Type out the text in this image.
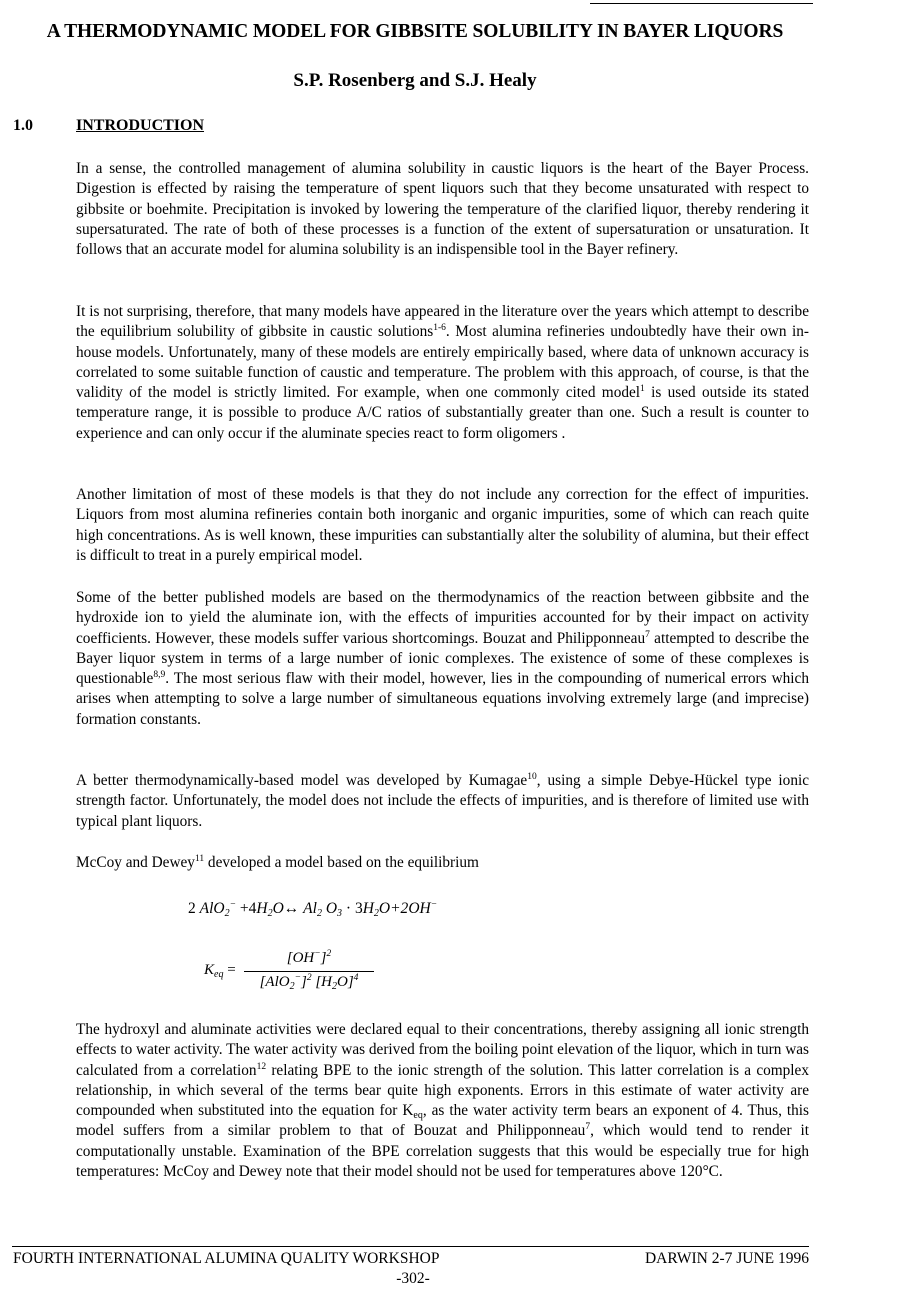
A THERMODYNAMIC MODEL FOR GIBBSITE SOLUBILITY IN BAYER LIQUORS
S.P. Rosenberg and S.J. Healy
1.0	INTRODUCTION

In a sense, the controlled management of alumina solubility in caustic liquors is the heart of the Bayer Process. Digestion is effected by raising the temperature of spent liquors such that they become unsaturated with respect to gibbsite or boehmite. Precipitation is invoked by lowering the temperature of the clarified liquor, thereby rendering it supersaturated. The rate of both of these processes is a function of the extent of supersaturation or unsaturation. It follows that an accurate model for alumina solubility is an indispensible tool in the Bayer refinery.

It is not surprising, therefore, that many models have appeared in the literature over the years which attempt to describe the equilibrium solubility of gibbsite in caustic solutions$^{1-6}$. Most alumina refineries undoubtedly have their own in-house models. Unfortunately, many of these models are entirely empirically based, where data of unknown accuracy is correlated to some suitable function of caustic and temperature. The problem with this approach, of course, is that the validity of the model is strictly limited. For example, when one commonly cited model$^1$ is used outside its stated temperature range, it is possible to produce A/C ratios of substantially greater than one. Such a result is counter to experience and can only occur if the aluminate species react to form oligomers .

Another limitation of most of these models is that they do not include any correction for the effect of impurities. Liquors from most alumina refineries contain both inorganic and organic impurities, some of which can reach quite high concentrations. As is well known, these impurities can substantially alter the solubility of alumina, but their effect is difficult to treat in a purely empirical model.

Some of the better published models are based on the thermodynamics of the reaction between gibbsite and the hydroxide ion to yield the aluminate ion, with the effects of impurities accounted for by their impact on activity coefficients. However, these models suffer various shortcomings. Bouzat and Philipponneau$^7$ attempted to describe the Bayer liquor system in terms of a large number of ionic complexes. The existence of some of these complexes is questionable$^{8,9}$. The most serious flaw with their model, however, lies in the compounding of numerical errors which arises when attempting to solve a large number of simultaneous equations involving extremely large (and imprecise) formation constants.

A better thermodynamically-based model was developed by Kumagae$^{10}$, using a simple Debye-Hückel type ionic strength factor. Unfortunately, the model does not include the effects of impurities, and is therefore of limited use with typical plant liquors.

McCoy and Dewey$^{11}$ developed a model based on the equilibrium

2 $AlO_2^- +4H_2O\leftrightarrow$ $Al_2$ $O_3 \cdot 3H_2O+2OH^-$
$K_{eq}$ =
$[OH^-]^2$
$[AlO_2^-]^2$ $[H_2O]^4$

The hydroxyl and aluminate activities were declared equal to their concentrations, thereby assigning all ionic strength effects to water activity. The water activity was derived from the boiling point elevation of the liquor, which in turn was calculated from a correlation$^{12}$ relating BPE to the ionic strength of the solution. This latter correlation is a complex relationship, in which several of the terms bear quite high exponents. Errors in this estimate of water activity are compounded when substituted into the equation for $K_{eq}$, as the water activity term bears an exponent of 4. Thus, this model suffers from a similar problem to that of Bouzat and Philipponneau$^7$, which would tend to render it computationally unstable. Examination of the BPE correlation suggests that this would be especially true for high temperatures: McCoy and Dewey note that their model should not be used for temperatures above 120°C.

FOURTH INTERNATIONAL ALUMINA QUALITY WORKSHOP	DARWIN 2-7 JUNE 1996
-302-
